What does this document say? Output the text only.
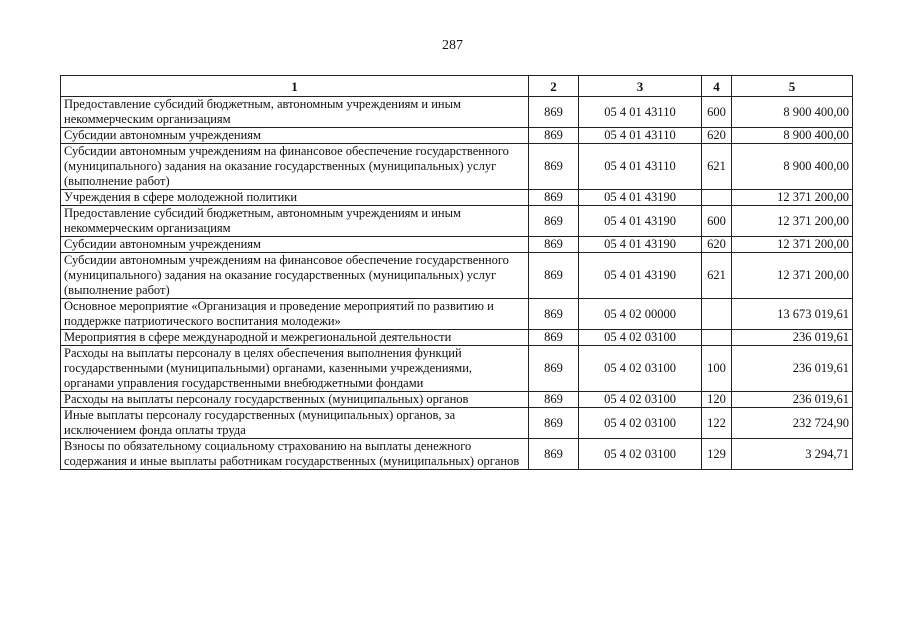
287
1	2	3	4	5
Предоставление субсидий бюджетным, автономным учреждениям и иным некоммерческим организациям	869	05 4 01 43110	600	8 900 400,00
Субсидии автономным учреждениям	869	05 4 01 43110	620	8 900 400,00
Субсидии автономным учреждениям на финансовое обеспечение государственного (муниципального) задания на оказание государственных (муниципальных) услуг (выполнение работ)	869	05 4 01 43110	621	8 900 400,00
Учреждения в сфере молодежной политики	869	05 4 01 43190		12 371 200,00
Предоставление субсидий бюджетным, автономным учреждениям и иным некоммерческим организациям	869	05 4 01 43190	600	12 371 200,00
Субсидии автономным учреждениям	869	05 4 01 43190	620	12 371 200,00
Субсидии автономным учреждениям на финансовое обеспечение государственного (муниципального) задания на оказание государственных (муниципальных) услуг (выполнение работ)	869	05 4 01 43190	621	12 371 200,00
Основное мероприятие «Организация и проведение мероприятий по развитию и поддержке патриотического воспитания молодежи»	869	05 4 02 00000		13 673 019,61
Мероприятия в сфере международной и межрегиональной деятельности	869	05 4 02 03100		236 019,61
Расходы на выплаты персоналу в целях обеспечения выполнения функций государственными (муниципальными) органами, казенными учреждениями, органами управления государственными внебюджетными фондами	869	05 4 02 03100	100	236 019,61
Расходы на выплаты персоналу государственных (муниципальных) органов	869	05 4 02 03100	120	236 019,61
Иные выплаты персоналу государственных (муниципальных) органов, за исключением фонда оплаты труда	869	05 4 02 03100	122	232 724,90
Взносы по обязательному социальному страхованию на выплаты денежного содержания и иные выплаты работникам государственных (муниципальных) органов	869	05 4 02 03100	129	3 294,71
